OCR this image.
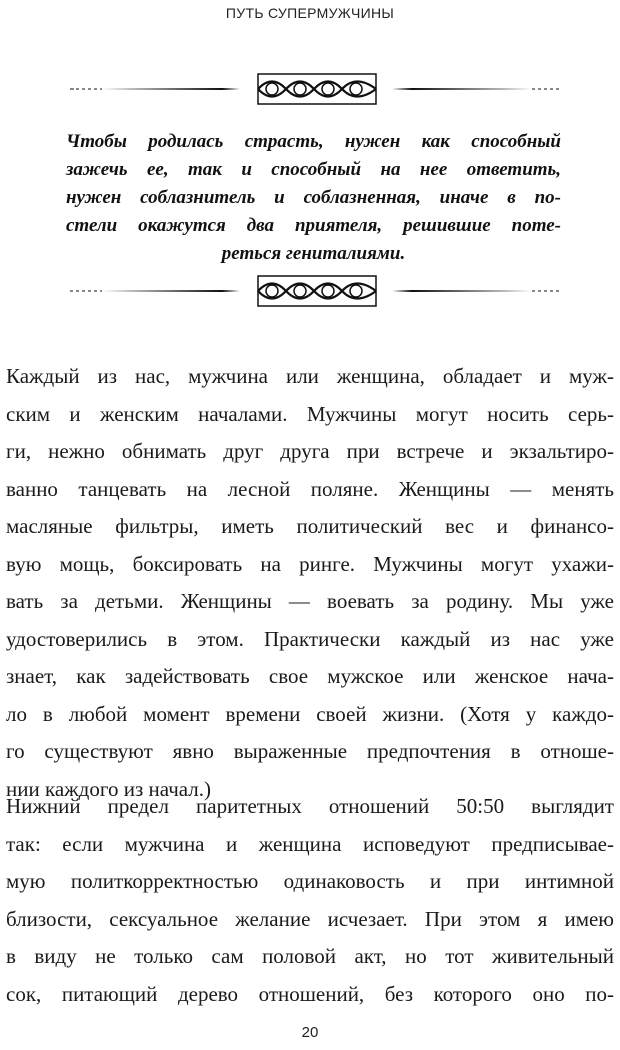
ПУТЬ СУПЕРМУЖЧИНЫ

Чтобы родилась страсть, нужен как способный

зажечь ее, так и способный на нее ответить,

нужен соблазнитель и соблазненная, иначе в по-

стели окажутся два приятеля, решившие поте-

реться гениталиями.

Каждый из нас, мужчина или женщина, обладает и муж-
ским и женским началами. Мужчины могут носить серь-
ги, нежно обнимать друг друга при встрече и экзальтиро-
ванно танцевать на лесной поляне. Женщины — менять
масляные фильтры, иметь политический вес и финансо-
вую мощь, боксировать на ринге. Мужчины могут ухажи-
вать за детьми. Женщины — воевать за родину. Мы уже
удостоверились в этом. Практически каждый из нас уже
знает, как задействовать свое мужское или женское нача-
ло в любой момент времени своей жизни. (Хотя у каждо-
го существуют явно выраженные предпочтения в отноше-
нии каждого из начал.)
Нижний предел паритетных отношений 50:50 выглядит
так: если мужчина и женщина исповедуют предписывае-
мую политкорректностью одинаковость и при интимной
близости, сексуальное желание исчезает. При этом я имею
в виду не только сам половой акт, но тот живительный
сок, питающий дерево отношений, без которого оно по-
20
